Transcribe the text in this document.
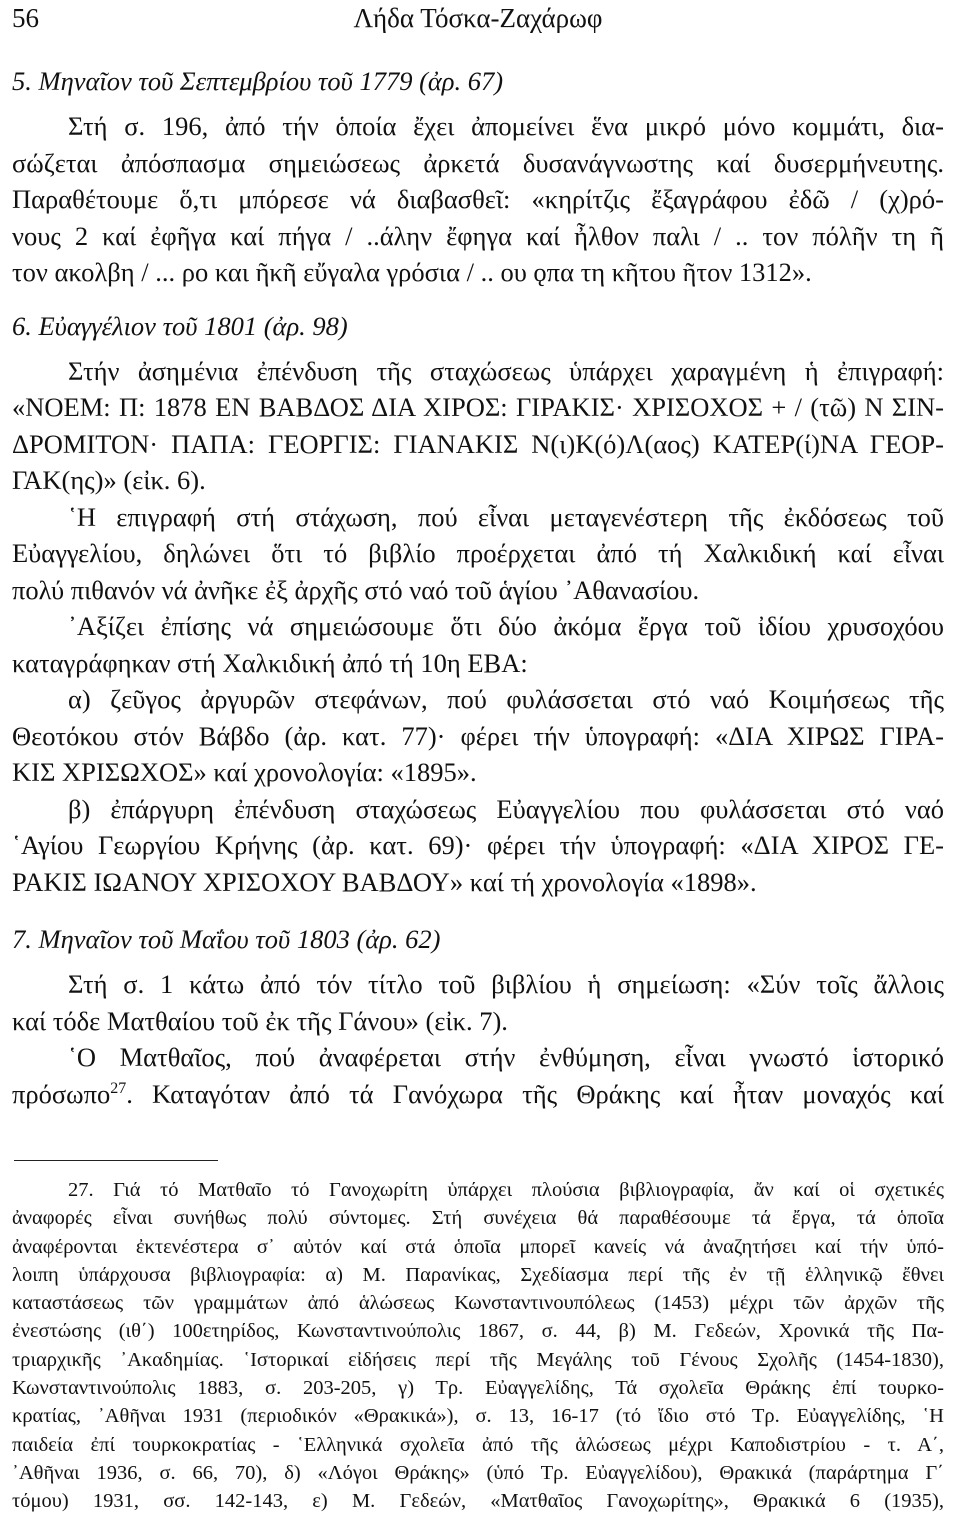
56	Λήδα Τόσκα-Ζαχάρωφ
5. Μηναῖον τοῦ Σεπτεμβρίου τοῦ 1779 (ἀρ. 67)
Στή σ. 196, ἀπό τήν ὁποία ἔχει ἀπομείνει ἕνα μικρό μόνο κομμάτι, δια-
σώζεται ἀπόσπασμα σημειώσεως ἀρκετά δυσανάγνωστης καί δυσερμήνευτης.
Παραθέτουμε ὅ,τι μπόρεσε νά διαβασθεῖ: «κηρίτζις ἔξαγράφου ἐδῶ / (χ)ρό-
νους 2 καί ἐφῆγα καί πήγα / ..άλην ἔφηγα καί ἦλθον παλι / .. τον πόλῆν τη ῆ
τον ακολβη / ... ρο και ῆκῆ εὔγαλα γρόσια / .. ου ǫπα τη κῆτου ῆτον 1312».
6. Εὐαγγέλιον τοῦ 1801 (ἀρ. 98)
Στήν ἀσημένια ἐπένδυση τῆς σταχώσεως ὑπάρχει χαραγμένη ἡ ἐπιγραφή:
«ΝΟΕΜ: Π: 1878 ΕΝ ΒΑΒΔΟΣ ΔΙΑ ΧΙΡΟΣ: ΓΙΡΑΚΙΣ· ΧΡΙΣΟΧΟΣ + / (τῶ) Ν ΣΙΝ-
ΔΡΟΜΙΤΟΝ· ΠΑΠΑ: ΓΕΟΡΓΙΣ: ΓΙΑΝΑΚΙΣ Ν(ι)Κ(ό)Λ(αος) ΚΑΤΕΡ(ί)ΝΑ ΓΕΟΡ-
ΓΑΚ(ης)» (εἰκ. 6).
῾Η επιγραφή στή στάχωση, πού εἶναι μεταγενέστερη τῆς ἐκδόσεως τοῦ
Εὐαγγελίου, δηλώνει ὅτι τό βιβλίο προέρχεται ἀπό τή Χαλκιδική καί εἶναι
πολύ πιθανόν νά ἀνῆκε ἐξ ἀρχῆς στό ναό τοῦ ἁγίου ᾿Αθανασίου.
᾿Αξίζει ἐπίσης νά σημειώσουμε ὅτι δύο ἀκόμα ἔργα τοῦ ἰδίου χρυσοχόου
καταγράφηκαν στή Χαλκιδική ἀπό τή 10η ΕΒΑ:
α) ζεῦγος ἀργυρῶν στεφάνων, πού φυλάσσεται στό ναό Κοιμήσεως τῆς
Θεοτόκου στόν Βάβδο (ἀρ. κατ. 77)· φέρει τήν ὑπογραφή: «ΔΙΑ ΧΙΡΩΣ ΓΙΡΑ-
ΚΙΣ ΧΡΙΣΩΧΟΣ» καί χρονολογία: «1895».
β) ἐπάργυρη ἐπένδυση σταχώσεως Εὐαγγελίου που φυλάσσεται στό ναό
῾Αγίου Γεωργίου Κρήνης (ἀρ. κατ. 69)· φέρει τήν ὑπογραφή: «ΔΙΑ ΧΙΡΟΣ ΓΕ-
ΡΑΚΙΣ ΙΩΑΝΟΥ ΧΡΙΣΟΧΟΥ ΒΑΒΔΟΥ» καί τή χρονολογία «1898».
7. Μηναῖον τοῦ Μαΐου τοῦ 1803 (ἀρ. 62)
Στή σ. 1 κάτω ἀπό τόν τίτλο τοῦ βιβλίου ἡ σημείωση: «Σύν τοῖς ἄλλοις
καί τόδε Ματθαίου τοῦ ἐκ τῆς Γάνου» (εἰκ. 7).
῾Ο Ματθαῖος, πού ἀναφέρεται στήν ἐνθύμηση, εἶναι γνωστό ἱστορικό
πρόσωπο$^{27}$. Καταγόταν ἀπό τά Γανόχωρα τῆς Θράκης καί ἦταν μοναχός καί
27. Γιά τό Ματθαῖο τό Γανοχωρίτη ὑπάρχει πλούσια βιβλιογραφία, ἄν καί οἱ σχετικές
ἀναφορές εἶναι συνήθως πολύ σύντομες. Στή συνέχεια θά παραθέσουμε τά ἔργα, τά ὁποῖα
ἀναφέρονται ἐκτενέστερα σ᾽ αὐτόν καί στά ὁποῖα μπορεῖ κανείς νά ἀναζητήσει καί τήν ὑπό-
λοιπη ὑπάρχουσα βιβλιογραφία: α) Μ. Παρανίκας, Σχεδίασμα περί τῆς ἐν τῇ ἑλληνικῷ ἔθνει
καταστάσεως τῶν γραμμάτων ἀπό ἁλώσεως Κωνσταντινουπόλεως (1453) μέχρι τῶν ἀρχῶν τῆς
ἐνεστώσης (ιθ΄) 100ετηρίδος, Κωνσταντινούπολις 1867, σ. 44, β) Μ. Γεδεών, Χρονικά τῆς Πα-
τριαρχικῆς ᾿Ακαδημίας. ῾Ιστορικαί εἰδήσεις περί τῆς Μεγάλης τοῦ Γένους Σχολῆς (1454-1830),
Κωνσταντινούπολις 1883, σ. 203-205, γ) Τρ. Εὐαγγελίδης, Τά σχολεῖα Θράκης ἐπί τουρκο-
κρατίας, ᾿Αθῆναι 1931 (περιοδικόν «Θρακικά»), σ. 13, 16-17 (τό ἴδιο στό Τρ. Εὐαγγελίδης, ῾Η
παιδεία ἐπί τουρκοκρατίας - ῾Ελληνικά σχολεῖα ἀπό τῆς ἁλώσεως μέχρι Καποδιστρίου - τ. Α΄,
᾿Αθῆναι 1936, σ. 66, 70), δ) «Λόγοι Θράκης» (ὑπό Τρ. Εὐαγγελίδου), Θρακικά (παράρτημα Γ΄
τόμου) 1931, σσ. 142-143, ε) Μ. Γεδεών, «Ματθαῖος Γανοχωρίτης», Θρακικά 6 (1935),
